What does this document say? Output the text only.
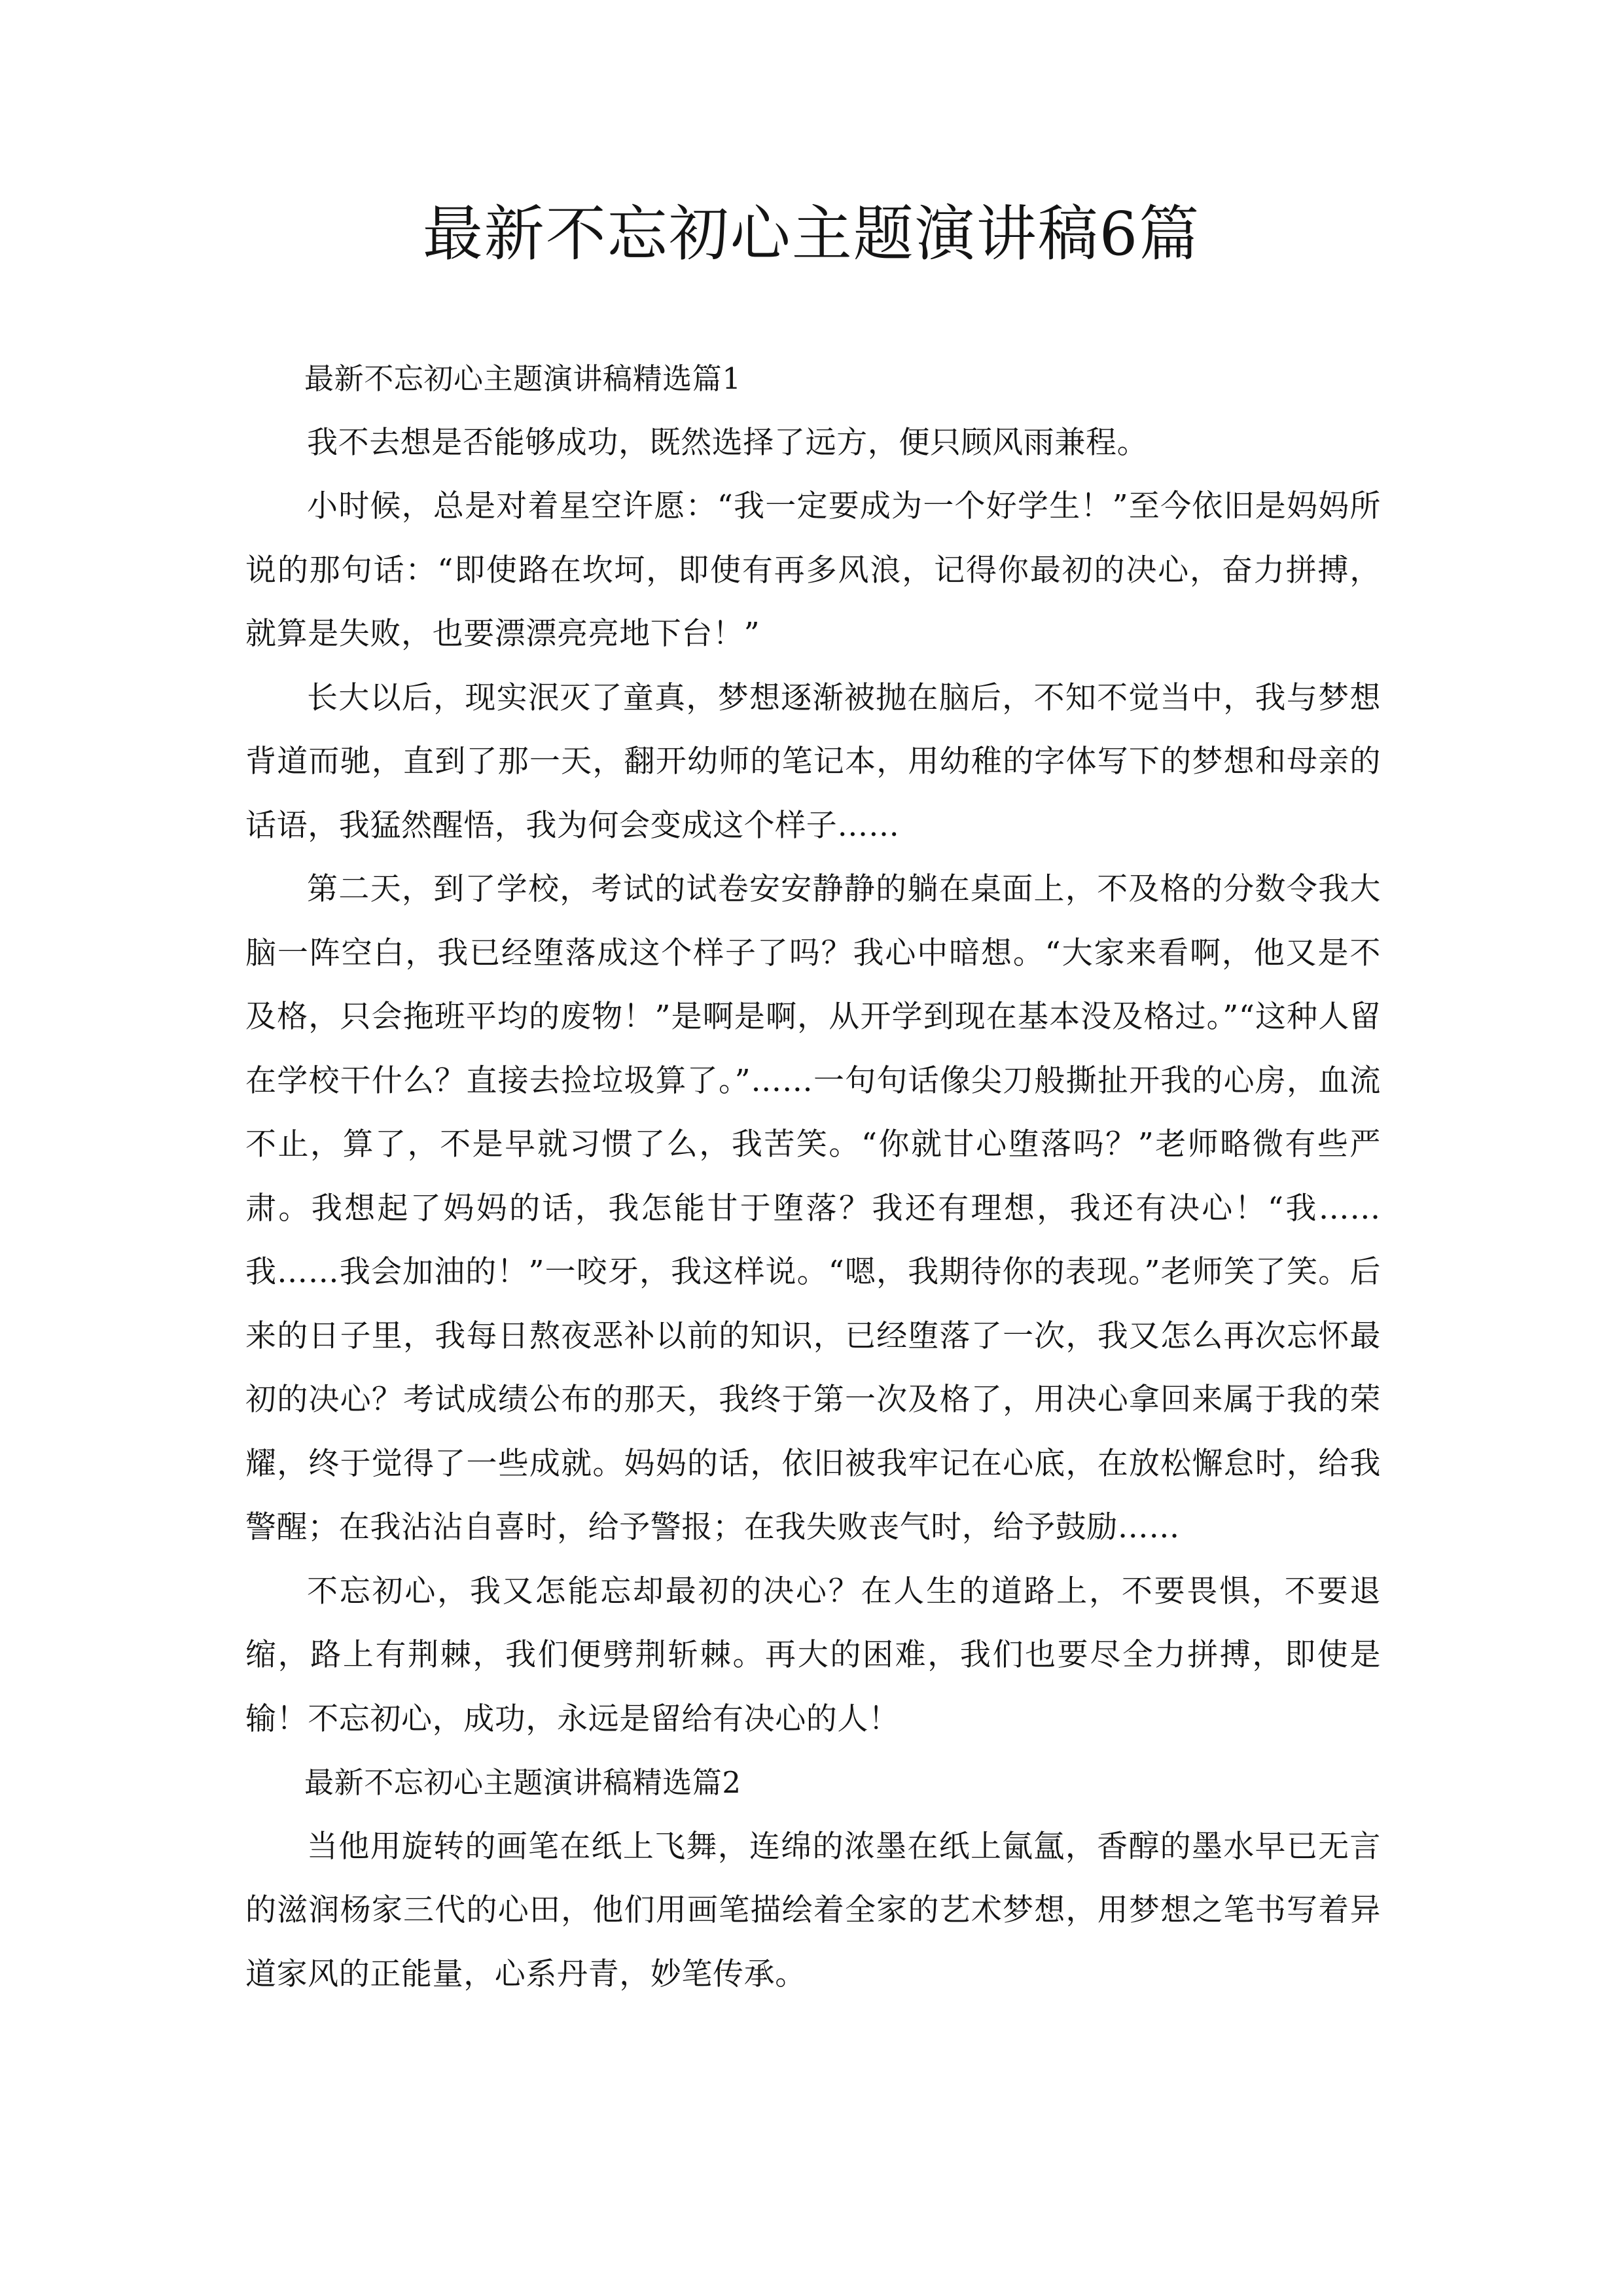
最新不忘初心主题演讲稿6篇

最新不忘初心主题演讲稿精选篇1

我不去想是否能够成功，既然选择了远方，便只顾风雨兼程。

小时候，总是对着星空许愿：“我一定要成为一个好学生！”至今依旧是妈妈所说的那句话：“即使路在坎坷，即使有再多风浪，记得你最初的决心，奋力拼搏，就算是失败，也要漂漂亮亮地下台！”

长大以后，现实泯灭了童真，梦想逐渐被抛在脑后，不知不觉当中，我与梦想背道而驰，直到了那一天，翻开幼师的笔记本，用幼稚的字体写下的梦想和母亲的话语，我猛然醒悟，我为何会变成这个样子……

第二天，到了学校，考试的试卷安安静静的躺在桌面上，不及格的分数令我大脑一阵空白，我已经堕落成这个样子了吗？我心中暗想。“大家来看啊，他又是不及格，只会拖班平均的废物！”是啊是啊，从开学到现在基本没及格过。”“这种人留在学校干什么？直接去捡垃圾算了。”……一句句话像尖刀般撕扯开我的心房，血流不止，算了，不是早就习惯了么，我苦笑。“你就甘心堕落吗？”老师略微有些严肃。我想起了妈妈的话，我怎能甘于堕落？我还有理想，我还有决心！“我……我……我会加油的！”一咬牙，我这样说。“嗯，我期待你的表现。”老师笑了笑。后来的日子里，我每日熬夜恶补以前的知识，已经堕落了一次，我又怎么再次忘怀最初的决心？考试成绩公布的那天，我终于第一次及格了，用决心拿回来属于我的荣耀，终于觉得了一些成就。妈妈的话，依旧被我牢记在心底，在放松懈怠时，给我警醒；在我沾沾自喜时，给予警报；在我失败丧气时，给予鼓励……

不忘初心，我又怎能忘却最初的决心？在人生的道路上，不要畏惧，不要退缩，路上有荆棘，我们便劈荆斩棘。再大的困难，我们也要尽全力拼搏，即使是输！不忘初心，成功，永远是留给有决心的人！

最新不忘初心主题演讲稿精选篇2

当他用旋转的画笔在纸上飞舞，连绵的浓墨在纸上氤氲，香醇的墨水早已无言的滋润杨家三代的心田，他们用画笔描绘着全家的艺术梦想，用梦想之笔书写着异道家风的正能量，心系丹青，妙笔传承。
